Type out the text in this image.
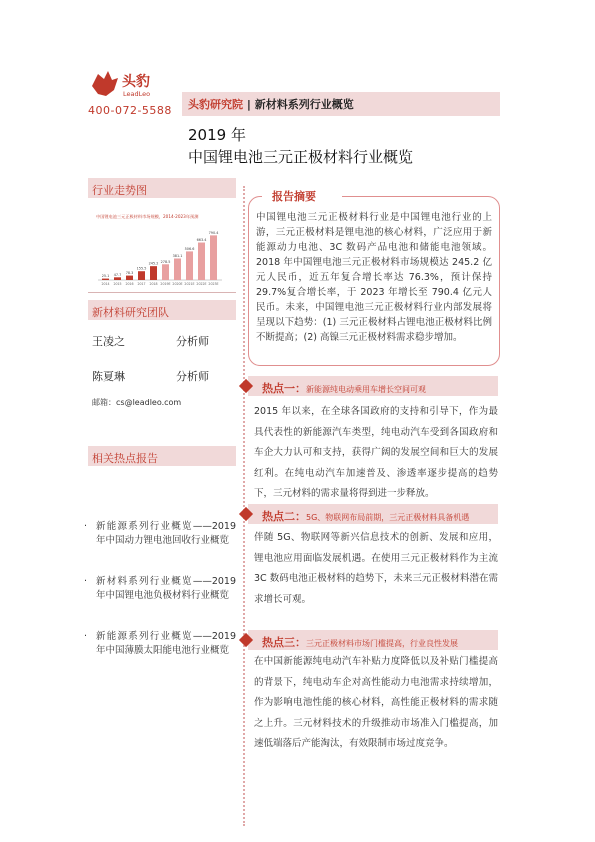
头豹
LeadLeo
400-072-5588 头豹研究院 | 新材料系列行业概览
2019 年
中国锂电池三元正极材料行业概览
行业走势图
中国锂电池三元正极材料市场规模，2014-2023年预测
25.1
2014
47.7
2015
78.3
2016
155.5
2017
245.2
2018
278.5
2019E
381.1
2020E
506.6
2021E
663.4
2022E
790.4
2023E
新材料研究团队
王凌之	分析师
陈夏琳	分析师
邮箱：cs@leadleo.com
相关热点报告
· 新能源系列行业概览——2019 年中国动力锂电池回收行业概览
· 新材料系列行业概览——2019 年中国锂电池负极材料行业概览
· 新能源系列行业概览——2019 年中国薄膜太阳能电池行业概览
报告摘要
中国锂电池三元正极材料行业是中国锂电池行业的上游，三元正极材料是锂电池的核心材料，广泛应用于新能源动力电池、3C 数码产品电池和储能电池领域。2018 年中国锂电池三元正极材料市场规模达 245.2 亿元人民币，近五年复合增长率达 76.3%，预计保持 29.7%复合增长率，于 2023 年增长至 790.4 亿元人民币。未来，中国锂电池三元正极材料行业内部发展将呈现以下趋势：(1) 三元正极材料占锂电池正极材料比例不断提高；(2) 高镍三元正极材料需求稳步增加。
热点一：新能源纯电动乘用车增长空间可观
2015 年以来，在全球各国政府的支持和引导下，作为最具代表性的新能源汽车类型，纯电动汽车受到各国政府和车企大力认可和支持，获得广阔的发展空间和巨大的发展红利。在纯电动汽车加速普及、渗透率逐步提高的趋势下，三元材料的需求量将得到进一步释放。
热点二：5G、物联网布局前期，三元正极材料具备机遇
伴随 5G、物联网等新兴信息技术的创新、发展和应用，锂电池应用面临发展机遇。在使用三元正极材料作为主流 3C 数码电池正极材料的趋势下，未来三元正极材料潜在需求增长可观。
热点三：三元正极材料市场门槛提高，行业良性发展
在中国新能源纯电动汽车补贴力度降低以及补贴门槛提高的背景下，纯电动车企对高性能动力电池需求持续增加，作为影响电池性能的核心材料，高性能正极材料的需求随之上升。三元材料技术的升级推动市场准入门槛提高，加速低端落后产能淘汰，有效限制市场过度竞争。
